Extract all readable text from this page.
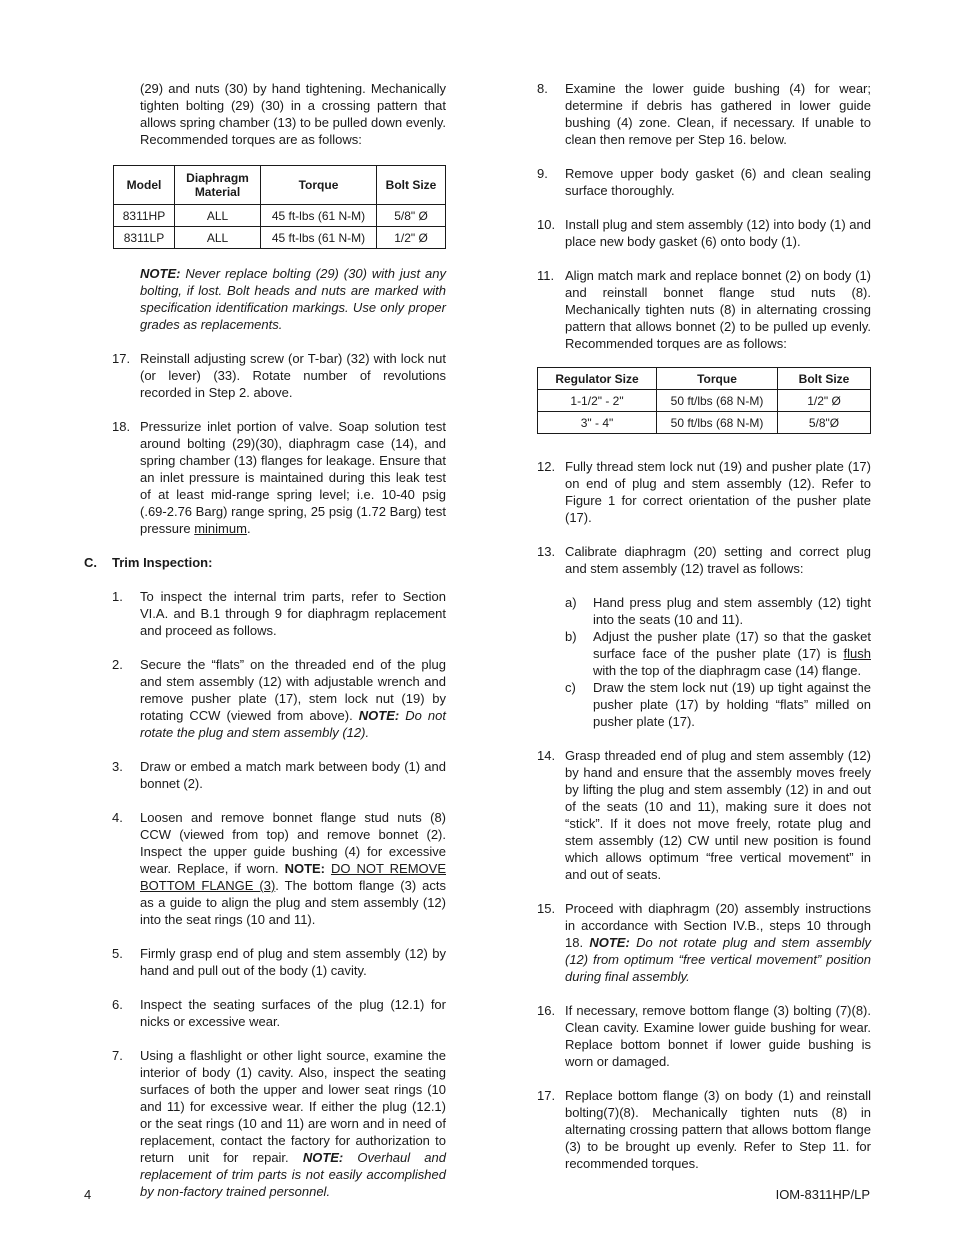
(29) and nuts (30) by hand tightening. Mechanically tighten bolting (29) (30) in a crossing pattern that allows spring chamber (13) to be pulled down evenly. Recommended torques are as follows:

Model	Diaphragm Material	Torque	Bolt Size
8311HP	ALL	45 ft-lbs (61 N-M)	5/8" Ø
8311LP	ALL	45 ft-lbs (61 N-M)	1/2" Ø

NOTE: Never replace bolting (29) (30) with just any bolting, if lost. Bolt heads and nuts are marked with specification identification markings. Use only proper grades as replacements.

17. Reinstall adjusting screw (or T-bar) (32) with lock nut (or lever) (33). Rotate number of revolutions recorded in Step 2. above.
18. Pressurize inlet portion of valve. Soap solution test around bolting (29)(30), diaphragm case (14), and spring chamber (13) flanges for leakage. Ensure that an inlet pressure is maintained during this leak test of at least mid-range spring level; i.e. 10-40 psig (.69-2.76 Barg) range spring, 25 psig (1.72 Barg) test pressure minimum.
C. Trim Inspection:
1. To inspect the internal trim parts, refer to Section VI.A. and B.1 through 9 for diaphragm replacement and proceed as follows.
2. Secure the “flats” on the threaded end of the plug and stem assembly (12) with adjustable wrench and remove pusher plate (17), stem lock nut (19) by rotating CCW (viewed from above). NOTE: Do not rotate the plug and stem assembly (12).
3. Draw or embed a match mark between body (1) and bonnet (2).
4. Loosen and remove bonnet flange stud nuts (8) CCW (viewed from top) and remove bonnet (2). Inspect the upper guide bushing (4) for excessive wear. Replace, if worn. NOTE: DO NOT REMOVE BOTTOM FLANGE (3). The bottom flange (3) acts as a guide to align the plug and stem assembly (12) into the seat rings (10 and 11).
5. Firmly grasp end of plug and stem assembly (12) by hand and pull out of the body (1) cavity.
6. Inspect the seating surfaces of the plug (12.1) for nicks or excessive wear.
7. Using a flashlight or other light source, examine the interior of body (1) cavity. Also, inspect the seating surfaces of both the upper and lower seat rings (10 and 11) for excessive wear. If either the plug (12.1) or the seat rings (10 and 11) are worn and in need of replacement, contact the factory for authorization to return unit for repair. NOTE: Overhaul and replacement of trim parts is not easily accomplished by non-factory trained personnel.
8. Examine the lower guide bushing (4) for wear; determine if debris has gathered in lower guide bushing (4) zone. Clean, if necessary. If unable to clean then remove per Step 16. below.
9. Remove upper body gasket (6) and clean sealing surface thoroughly.
10. Install plug and stem assembly (12) into body (1) and place new body gasket (6) onto body (1).
11. Align match mark and replace bonnet (2) on body (1) and reinstall bonnet flange stud nuts (8). Mechanically tighten nuts (8) in alternating crossing pattern that allows bonnet (2) to be pulled up evenly. Recommended torques are as follows:
Regulator Size	Torque	Bolt Size
1-1/2" - 2"	50 ft/lbs (68 N-M)	1/2" Ø
3" - 4"	50 ft/lbs (68 N-M)	5/8"Ø
12. Fully thread stem lock nut (19) and pusher plate (17) on end of plug and stem assembly (12). Refer to Figure 1 for correct orientation of the pusher plate (17).
13. Calibrate diaphragm (20) setting and correct plug and stem assembly (12) travel as follows:
a) Hand press plug and stem assembly (12) tight into the seats (10 and 11).
b) Adjust the pusher plate (17) so that the gasket surface face of the pusher plate (17) is flush with the top of the diaphragm case (14) flange.
c) Draw the stem lock nut (19) up tight against the pusher plate (17) by holding “flats” milled on pusher plate (17).
14. Grasp threaded end of plug and stem assembly (12) by hand and ensure that the assembly moves freely by lifting the plug and stem assembly (12) in and out of the seats (10 and 11), making sure it does not “stick”. If it does not move freely, rotate plug and stem assembly (12) CW until new position is found which allows optimum “free vertical movement” in and out of seats.
15. Proceed with diaphragm (20) assembly instructions in accordance with Section IV.B., steps 10 through 18. NOTE: Do not rotate plug and stem assembly (12) from optimum “free vertical movement” position during final assembly.
16. If necessary, remove bottom flange (3) bolting (7)(8). Clean cavity. Examine lower guide bushing for wear. Replace bottom bonnet if lower guide bushing is worn or damaged.
17. Replace bottom flange (3) on body (1) and reinstall bolting(7)(8). Mechanically tighten nuts (8) in alternating crossing pattern that allows bottom flange (3) to be brought up evenly. Refer to Step 11. for recommended torques.
4	IOM-8311HP/LP
